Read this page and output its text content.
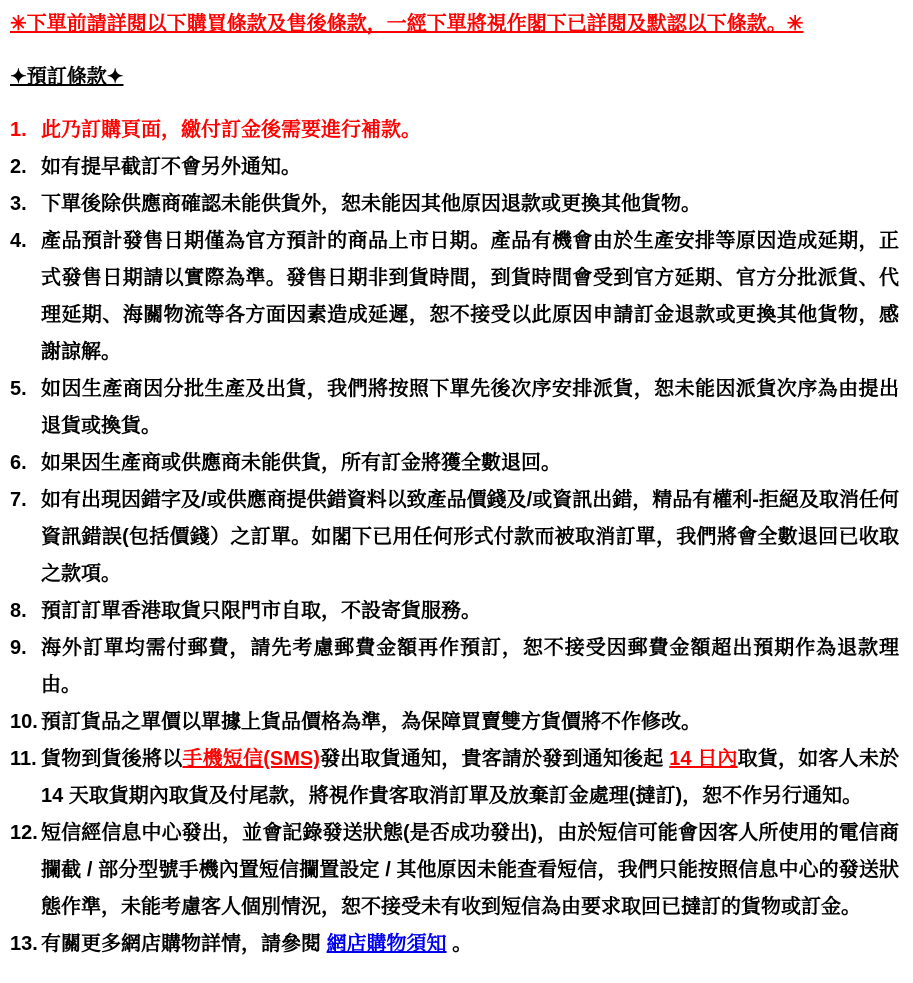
✳下單前請詳閱以下購買條款及售後條款，一經下單將視作閣下已詳閱及默認以下條款。✳
✦預訂條款✦
1. 此乃訂購頁面，繳付訂金後需要進行補款。
2. 如有提早截訂不會另外通知。
3. 下單後除供應商確認未能供貨外，恕未能因其他原因退款或更換其他貨物。
4. 產品預計發售日期僅為官方預計的商品上市日期。產品有機會由於生產安排等原因造成延期，正式發售日期請以實際為準。發售日期非到貨時間，到貨時間會受到官方延期、官方分批派貨、代理延期、海關物流等各方面因素造成延遲，恕不接受以此原因申請訂金退款或更換其他貨物，感謝諒解。
5. 如因生產商因分批生產及出貨，我們將按照下單先後次序安排派貨，恕未能因派貨次序為由提出退貨或換貨。
6. 如果因生產商或供應商未能供貨，所有訂金將獲全數退回。
7. 如有出現因錯字及/或供應商提供錯資料以致產品價錢及/或資訊出錯，精品有權利-拒絕及取消任何資訊錯誤(包括價錢）之訂單。如閣下已用任何形式付款而被取消訂單，我們將會全數退回已收取之款項。
8. 預訂訂單香港取貨只限門市自取，不設寄貨服務。
9. 海外訂單均需付郵費，請先考慮郵費金額再作預訂，恕不接受因郵費金額超出預期作為退款理由。
10. 預訂貨品之單價以單據上貨品價格為準，為保障買賣雙方貨價將不作修改。
11. 貨物到貨後將以手機短信(SMS)發出取貨通知，貴客請於發到通知後起 14 日內取貨，如客人未於 14 天取貨期內取貨及付尾款，將視作貴客取消訂單及放棄訂金處理(撻訂)，恕不作另行通知。
12. 短信經信息中心發出，並會記錄發送狀態(是否成功發出)，由於短信可能會因客人所使用的電信商攔截 / 部分型號手機內置短信攔置設定 / 其他原因未能查看短信，我們只能按照信息中心的發送狀態作準，未能考慮客人個別情況，恕不接受未有收到短信為由要求取回已撻訂的貨物或訂金。
13. 有關更多網店購物詳情，請參閱 網店購物須知 。
